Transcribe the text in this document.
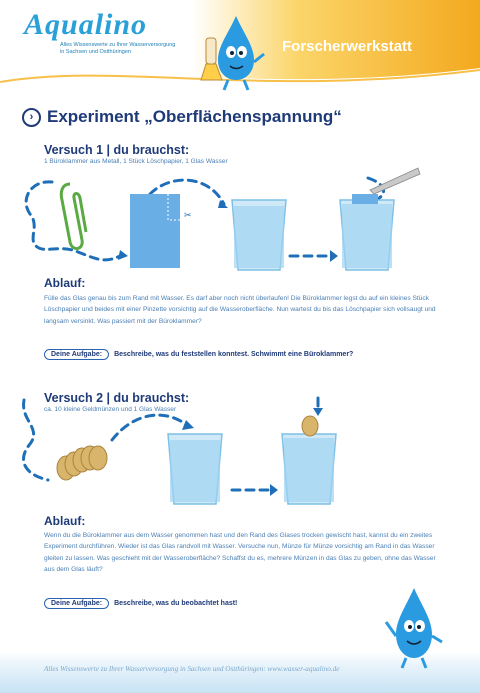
Aqualino
Alles Wissenswerte zu Ihrer Wasserversorgung in Sachsen und Ostthüringen	Forscherwerkstatt
› Experiment „Oberflächenspannung“
Versuch 1 | du brauchst:
1 Büroklammer aus Metall, 1 Stück Löschpapier, 1 Glas Wasser
✂
Ablauf:
Fülle das Glas genau bis zum Rand mit Wasser. Es darf aber noch nicht überlaufen! Die Büroklammer legst du auf ein kleines Stück Löschpapier und beides mit einer Pinzette vorsichtig auf die Wasseroberfläche. Nun wartest du bis das Löschpapier sich vollsaugt und langsam versinkt. Was passiert mit der Büroklammer?
Deine Aufgabe:	Beschreibe, was du feststellen konntest. Schwimmt eine Büroklammer?
Versuch 2 | du brauchst:
ca. 10 kleine Geldmünzen und 1 Glas Wasser
Ablauf:
Wenn du die Büroklammer aus dem Wasser genommen hast und den Rand des Glases trocken gewischt hast, kannst du ein zweites Experiment durchführen. Wieder ist das Glas randvoll mit Wasser. Versuche nun, Münze für Münze vorsichtig am Rand in das Wasser gleiten zu lassen. Was geschieht mit der Wasseroberfläche? Schaffst du es, mehrere Münzen in das Glas zu geben, ohne das Wasser aus dem Glas läuft?
Deine Aufgabe:	Beschreibe, was du beobachtet hast!
Alles Wissenswerte zu Ihrer Wasserversorgung in Sachsen und Ostthüringen: www.wasser-aqualino.de
